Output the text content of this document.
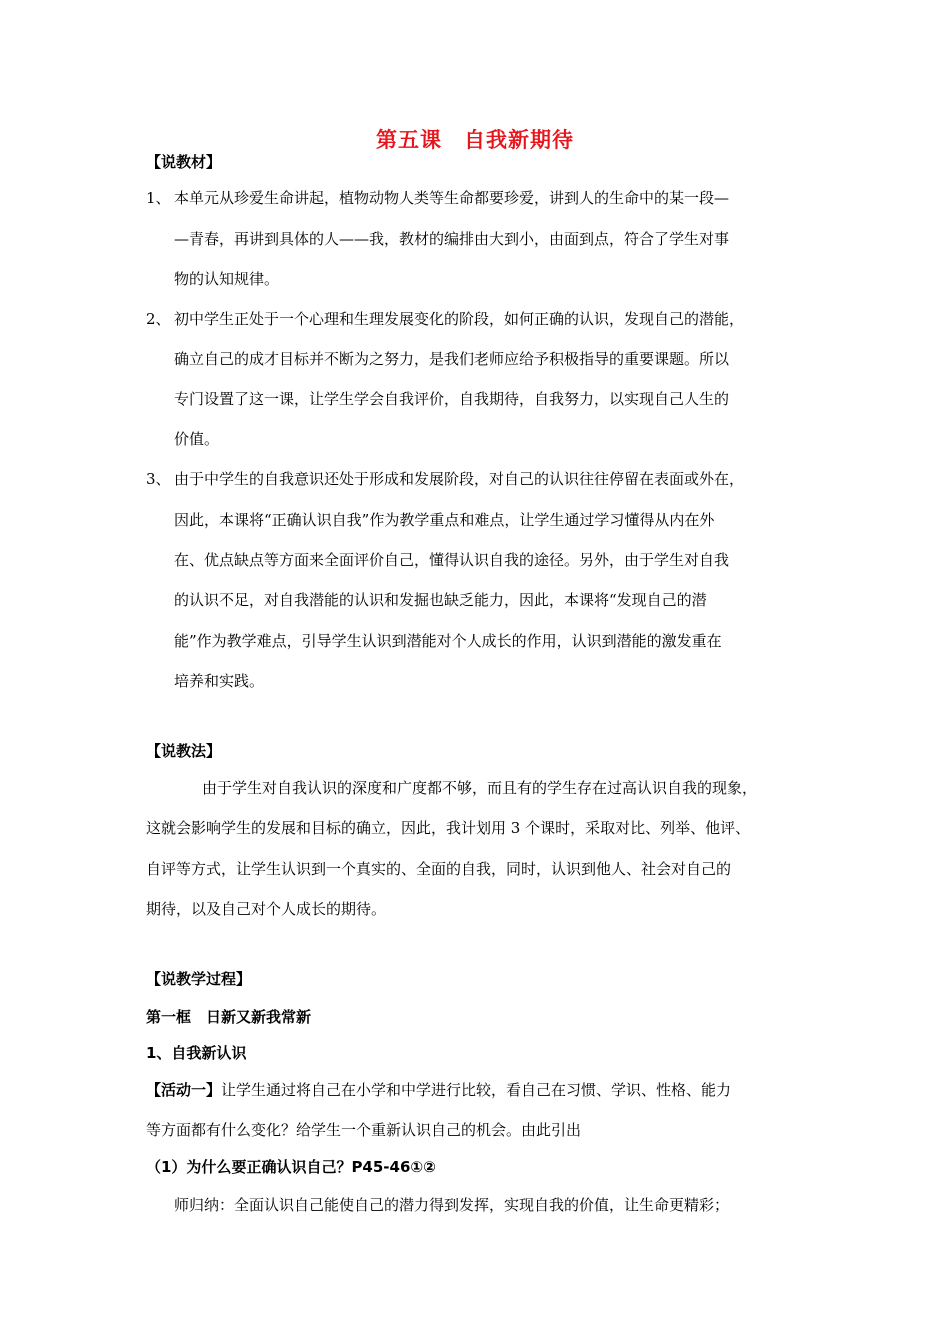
第五课 自我新期待
【说教材】
1、 本单元从珍爱生命讲起，植物动物人类等生命都要珍爱，讲到人的生命中的某一段—
—青春，再讲到具体的人——我，教材的编排由大到小，由面到点，符合了学生对事
物的认知规律。
2、 初中学生正处于一个心理和生理发展变化的阶段，如何正确的认识，发现自己的潜能，
确立自己的成才目标并不断为之努力，是我们老师应给予积极指导的重要课题。所以
专门设置了这一课，让学生学会自我评价，自我期待，自我努力，以实现自己人生的
价值。
3、 由于中学生的自我意识还处于形成和发展阶段，对自己的认识往往停留在表面或外在，
因此，本课将“正确认识自我”作为教学重点和难点，让学生通过学习懂得从内在外
在、优点缺点等方面来全面评价自己，懂得认识自我的途径。另外，由于学生对自我
的认识不足，对自我潜能的认识和发掘也缺乏能力，因此，本课将“发现自己的潜
能”作为教学难点，引导学生认识到潜能对个人成长的作用，认识到潜能的激发重在
培养和实践。
【说教法】
由于学生对自我认识的深度和广度都不够，而且有的学生存在过高认识自我的现象，
这就会影响学生的发展和目标的确立，因此，我计划用 3 个课时，采取对比、列举、他评、
自评等方式，让学生认识到一个真实的、全面的自我，同时，认识到他人、社会对自己的
期待，以及自己对个人成长的期待。
【说教学过程】
第一框　日新又新我常新
1、自我新认识
【活动一】让学生通过将自己在小学和中学进行比较，看自己在习惯、学识、性格、能力
等方面都有什么变化？给学生一个重新认识自己的机会。由此引出
（1）为什么要正确认识自己？P45-46①②
师归纳：全面认识自己能使自己的潜力得到发挥，实现自我的价值，让生命更精彩；
